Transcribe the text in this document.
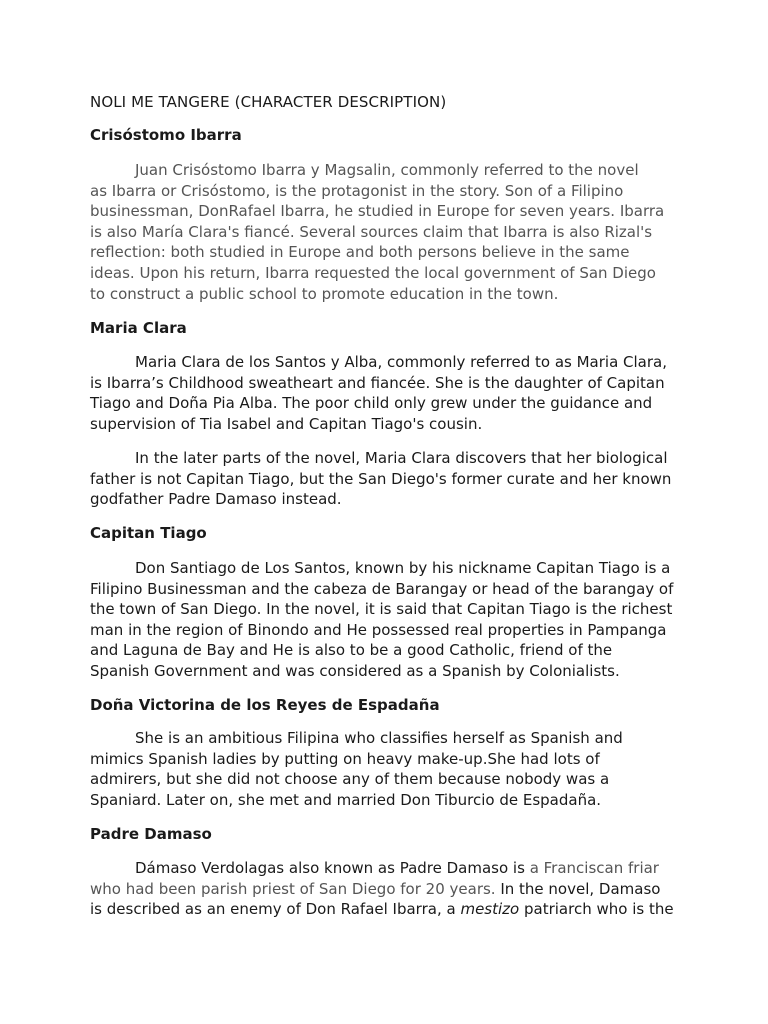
NOLI ME TANGERE (CHARACTER DESCRIPTION)
Crisóstomo Ibarra

Juan Crisóstomo Ibarra y Magsalin, commonly referred to the novel
as Ibarra or Crisóstomo, is the protagonist in the story. Son of a Filipino
businessman, DonRafael Ibarra, he studied in Europe for seven years. Ibarra
is also María Clara's fiancé. Several sources claim that Ibarra is also Rizal's
reflection: both studied in Europe and both persons believe in the same
ideas. Upon his return, Ibarra requested the local government of San Diego
to construct a public school to promote education in the town.

Maria Clara

Maria Clara de los Santos y Alba, commonly referred to as Maria Clara,
is Ibarra’s Childhood sweatheart and fiancée. She is the daughter of Capitan
Tiago and Doña Pia Alba. The poor child only grew under the guidance and
supervision of Tia Isabel and Capitan Tiago's cousin.

In the later parts of the novel, Maria Clara discovers that her biological
father is not Capitan Tiago, but the San Diego's former curate and her known
godfather Padre Damaso instead.

Capitan Tiago

Don Santiago de Los Santos, known by his nickname Capitan Tiago is a
Filipino Businessman and the cabeza de Barangay or head of the barangay of
the town of San Diego. In the novel, it is said that Capitan Tiago is the richest
man in the region of Binondo and He possessed real properties in Pampanga
and Laguna de Bay and He is also to be a good Catholic, friend of the
Spanish Government and was considered as a Spanish by Colonialists.

Doña Victorina de los Reyes de Espadaña

She is an ambitious Filipina who classifies herself as Spanish and
mimics Spanish ladies by putting on heavy make-up.She had lots of
admirers, but she did not choose any of them because nobody was a
Spaniard. Later on, she met and married Don Tiburcio de Espadaña.

Padre Damaso

Dámaso Verdolagas also known as Padre Damaso is a Franciscan friar
who had been parish priest of San Diego for 20 years. In the novel, Damaso
is described as an enemy of Don Rafael Ibarra, a mestizo patriarch who is the
